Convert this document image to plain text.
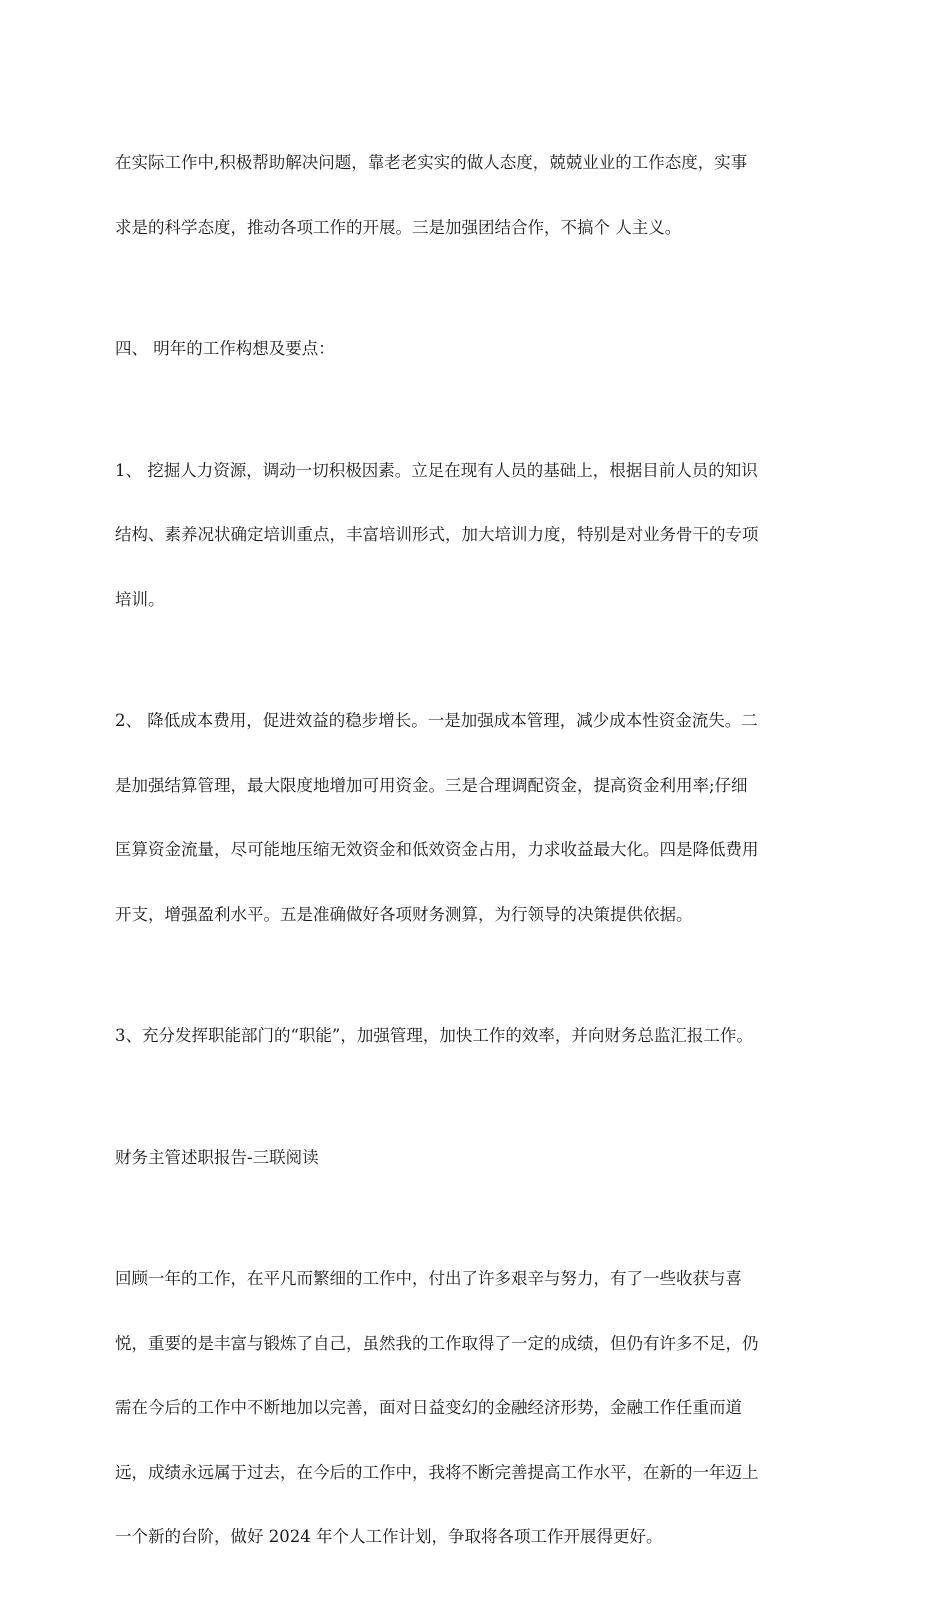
在实际工作中,积极帮助解决问题，靠老老实实的做人态度，兢兢业业的工作态度，实事

求是的科学态度，推动各项工作的开展。三是加强团结合作，不搞个 人主义。

四、 明年的工作构想及要点：

1、 挖掘人力资源，调动一切积极因素。立足在现有人员的基础上，根据目前人员的知识

结构、素养况状确定培训重点，丰富培训形式，加大培训力度，特别是对业务骨干的专项

培训。

2、 降低成本费用，促进效益的稳步增长。一是加强成本管理，减少成本性资金流失。二

是加强结算管理，最大限度地增加可用资金。三是合理调配资金，提高资金利用率;仔细

匡算资金流量，尽可能地压缩无效资金和低效资金占用，力求收益最大化。四是降低费用

开支，增强盈利水平。五是准确做好各项财务测算，为行领导的决策提供依据。

3、充分发挥职能部门的“职能”，加强管理，加快工作的效率，并向财务总监汇报工作。

财务主管述职报告-三联阅读

回顾一年的工作，在平凡而繁细的工作中，付出了许多艰辛与努力，有了一些收获与喜

悦，重要的是丰富与锻炼了自己，虽然我的工作取得了一定的成绩，但仍有许多不足，仍

需在今后的工作中不断地加以完善，面对日益变幻的金融经济形势，金融工作任重而道

远，成绩永远属于过去，在今后的工作中，我将不断完善提高工作水平，在新的一年迈上

一个新的台阶，做好 2024 年个人工作计划，争取将各项工作开展得更好。
